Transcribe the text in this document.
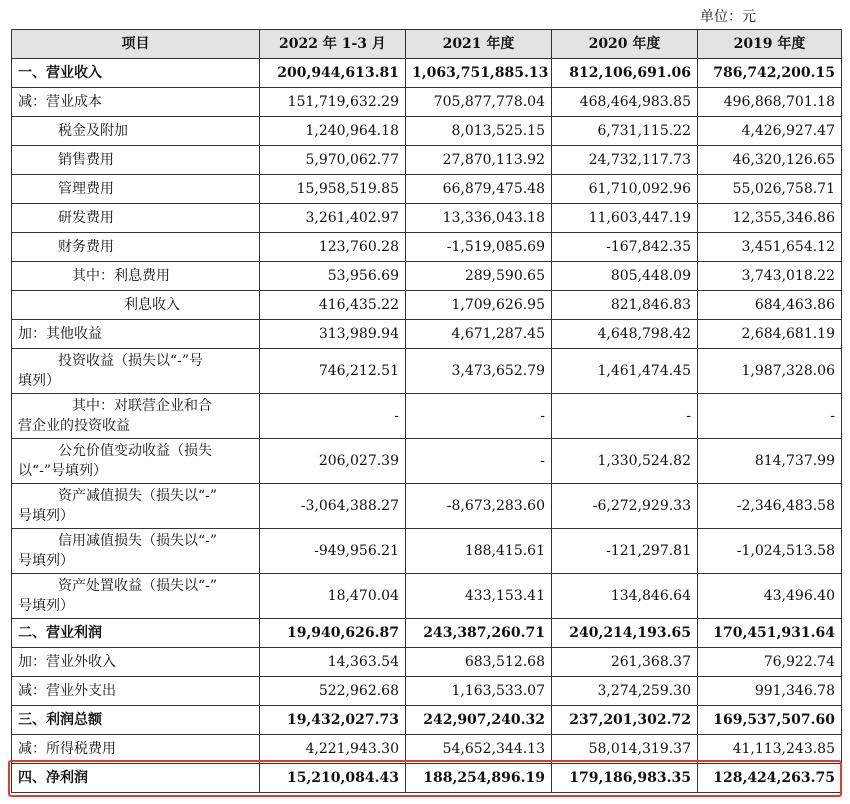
单位：元
项目	2022 年 1-3 月	2021 年度	2020 年度	2019 年度
一、营业收入	200,944,613.81	1,063,751,885.13	812,106,691.06	786,742,200.15
减：营业成本	151,719,632.29	705,877,778.04	468,464,983.85	496,868,701.18
税金及附加	1,240,964.18	8,013,525.15	6,731,115.22	4,426,927.47
销售费用	5,970,062.77	27,870,113.92	24,732,117.73	46,320,126.65
管理费用	15,958,519.85	66,879,475.48	61,710,092.96	55,026,758.71
研发费用	3,261,402.97	13,336,043.18	11,603,447.19	12,355,346.86
财务费用	123,760.28	-1,519,085.69	-167,842.35	3,451,654.12
其中：利息费用	53,956.69	289,590.65	805,448.09	3,743,018.22
利息收入	416,435.22	1,709,626.95	821,846.83	684,463.86
加：其他收益	313,989.94	4,671,287.45	4,648,798.42	2,684,681.19

投资收益（损失以“-”号
填列）	746,212.51	3,473,652.79	1,461,474.45	1,987,328.06

其中：对联营企业和合
营企业的投资收益	-	-	-	-

公允价值变动收益（损失
以“-”号填列）	206,027.39	-	1,330,524.82	814,737.99

资产减值损失（损失以“-”
号填列）	-3,064,388.27	-8,673,283.60	-6,272,929.33	-2,346,483.58

信用减值损失（损失以“-”
号填列）	-949,956.21	188,415.61	-121,297.81	-1,024,513.58

资产处置收益（损失以“-”
号填列）	18,470.04	433,153.41	134,846.64	43,496.40
二、营业利润	19,940,626.87	243,387,260.71	240,214,193.65	170,451,931.64
加：营业外收入	14,363.54	683,512.68	261,368.37	76,922.74
减：营业外支出	522,962.68	1,163,533.07	3,274,259.30	991,346.78
三、利润总额	19,432,027.73	242,907,240.32	237,201,302.72	169,537,507.60
减：所得税费用	4,221,943.30	54,652,344.13	58,014,319.37	41,113,243.85
四、净利润	15,210,084.43	188,254,896.19	179,186,983.35	128,424,263.75
